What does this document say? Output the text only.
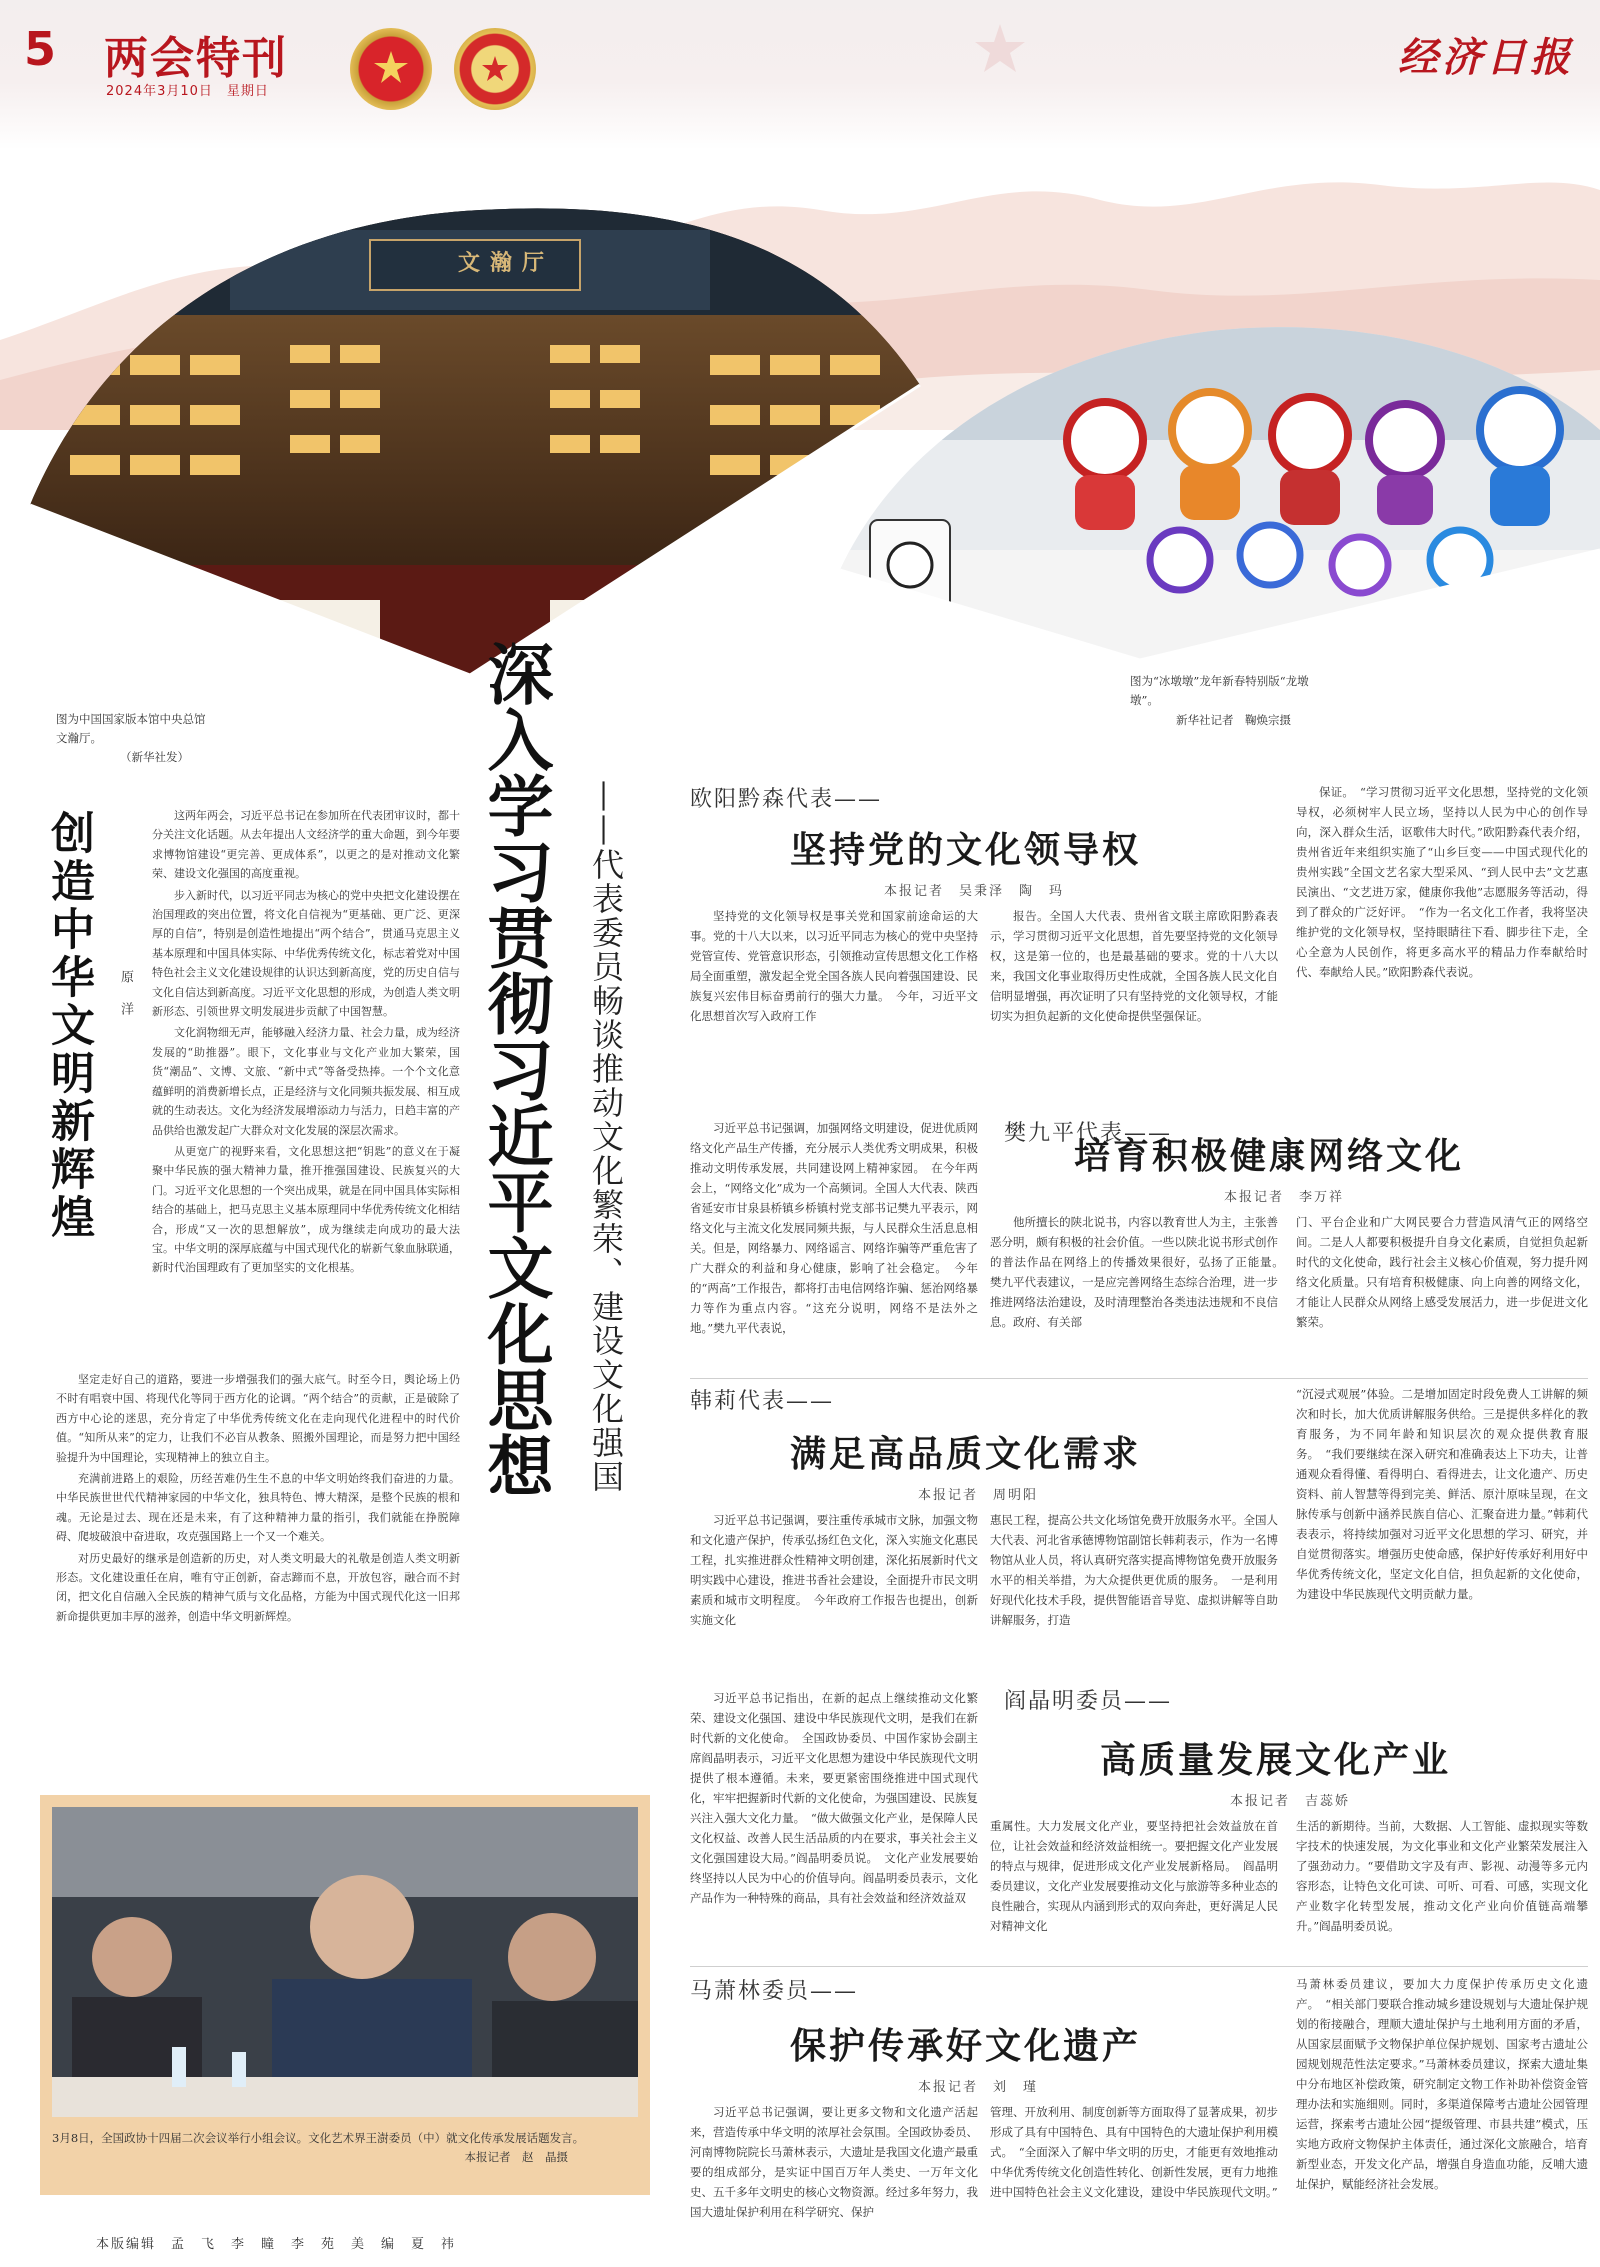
5 两会特刊
2024年3月10日　星期日
经济日报
文瀚厅
图为中国国家版本馆中央总馆文瀚厅。
（新华社发）
图为“冰墩墩”龙年新春特别版“龙墩墩”。
新华社记者　鞠焕宗摄
深入学习贯彻习近平文化思想 ——代表委员畅谈推动文化繁荣、建设文化强国
创造中华文明新辉煌	原　洋

这两年两会，习近平总书记在参加所在代表团审议时，都十分关注文化话题。从去年提出人文经济学的重大命题，到今年要求博物馆建设“更完善、更成体系”，以更之的是对推动文化繁荣、建设文化强国的高度重视。

步入新时代，以习近平同志为核心的党中央把文化建设摆在治国理政的突出位置，将文化自信视为“更基础、更广泛、更深厚的自信”，特别是创造性地提出“两个结合”，贯通马克思主义基本原理和中国具体实际、中华优秀传统文化，标志着党对中国特色社会主义文化建设规律的认识达到新高度，党的历史自信与文化自信达到新高度。习近平文化思想的形成，为创造人类文明新形态、引领世界文明发展进步贡献了中国智慧。

文化润物细无声，能够融入经济力量、社会力量，成为经济发展的“助推器”。眼下，文化事业与文化产业加大繁荣，国货“潮品”、文博、文旅、“新中式”等备受热捧。一个个文化意蕴鲜明的消费新增长点，正是经济与文化同频共振发展、相互成就的生动表达。文化为经济发展增添动力与活力，日趋丰富的产品供给也激发起广大群众对文化发展的深层次需求。

从更宽广的视野来看，文化思想这把“钥匙”的意义在于凝聚中华民族的强大精神力量，推开推强国建设、民族复兴的大门。习近平文化思想的一个突出成果，就是在同中国具体实际相结合的基础上，把马克思主义基本原理同中华优秀传统文化相结合，形成“又一次的思想解放”，成为继续走向成功的最大法宝。中华文明的深厚底蕴与中国式现代化的崭新气象血脉联通，新时代治国理政有了更加坚实的文化根基。

坚定走好自己的道路，要进一步增强我们的强大底气。时至今日，舆论场上仍不时有唱衰中国、将现代化等同于西方化的论调。“两个结合”的贡献，正是破除了西方中心论的迷思，充分肯定了中华优秀传统文化在走向现代化进程中的时代价值。“知所从来”的定力，让我们不必盲从教条、照搬外国理论，而是努力把中国经验提升为中国理论，实现精神上的独立自主。

充满前进路上的艰险，历经苦难仍生生不息的中华文明始终我们奋进的力量。中华民族世世代代精神家园的中华文化，独具特色、博大精深，是整个民族的根和魂。无论是过去、现在还是未来，有了这种精神力量的指引，我们就能在挣脱障碍、爬坡破浪中奋进取，攻克强国路上一个又一个难关。

对历史最好的继承是创造新的历史，对人类文明最大的礼敬是创造人类文明新形态。文化建设重任在肩，唯有守正创新，奋志蹄而不息，开放包容，融合而不封闭，把文化自信融入全民族的精神气质与文化品格，方能为中国式现代化这一旧邦新命提供更加丰厚的滋养，创造中华文明新辉煌。

3月8日，全国政协十四届二次会议举行小组会议。文化艺术界王澍委员（中）就文化传承发展话题发言。
本报记者　赵　晶摄
欧阳黔森代表——
坚持党的文化领导权
本报记者　吴秉泽　陶　玛
坚持党的文化领导权是事关党和国家前途命运的大事。党的十八大以来，以习近平同志为核心的党中央坚持党管宣传、党管意识形态，引领推动宣传思想文化工作格局全面重塑，激发起全党全国各族人民向着强国建设、民族复兴宏伟目标奋勇前行的强大力量。　今年，习近平文化思想首次写入政府工作
报告。全国人大代表、贵州省文联主席欧阳黔森表示，学习贯彻习近平文化思想，首先要坚持党的文化领导权，这是第一位的，也是最基础的要求。党的十八大以来，我国文化事业取得历史性成就，全国各族人民文化自信明显增强，再次证明了只有坚持党的文化领导权，才能切实为担负起新的文化使命提供坚强保证。
保证。　“学习贯彻习近平文化思想，坚持党的文化领导权，必须树牢人民立场，坚持以人民为中心的创作导向，深入群众生活，讴歌伟大时代。”欧阳黔森代表介绍，贵州省近年来组织实施了“山乡巨变——中国式现代化的贵州实践”全国文艺名家大型采风、“到人民中去”文艺惠民演出、“文艺进万家，健康你我他”志愿服务等活动，得到了群众的广泛好评。　“作为一名文化工作者，我将坚决维护党的文化领导权，坚持眼睛往下看、脚步往下走，全心全意为人民创作，将更多高水平的精品力作奉献给时代、奉献给人民。”欧阳黔森代表说。
习近平总书记强调，加强网络文明建设，促进优质网络文化产品生产传播，充分展示人类优秀文明成果，积极推动文明传承发展，共同建设网上精神家园。　在今年两会上，“网络文化”成为一个高频词。全国人大代表、陕西省延安市甘泉县桥镇乡桥镇村党支部书记樊九平表示，网络文化与主流文化发展同频共振，与人民群众生活息息相关。但是，网络暴力、网络谣言、网络诈骗等严重危害了广大群众的利益和身心健康，影响了社会稳定。　今年的“两高”工作报告，都将打击电信网络诈骗、惩治网络暴力等作为重点内容。“这充分说明，网络不是法外之地。”樊九平代表说，
樊九平代表——
培育积极健康网络文化
本报记者　李万祥
他所擅长的陕北说书，内容以教育世人为主，主张善恶分明，颇有积极的社会价值。一些以陕北说书形式创作的普法作品在网络上的传播效果很好，弘扬了正能量。　樊九平代表建议，一是应完善网络生态综合治理，进一步推进网络法治建设，及时清理整治各类违法违规和不良信息。政府、有关部
门、平台企业和广大网民要合力营造风清气正的网络空间。二是人人都要积极提升自身文化素质，自觉担负起新时代的文化使命，践行社会主义核心价值观，努力提升网络文化质量。只有培育积极健康、向上向善的网络文化，才能让人民群众从网络上感受发展活力，进一步促进文化繁荣。
韩莉代表——
满足高品质文化需求
本报记者　周明阳
习近平总书记强调，要注重传承城市文脉，加强文物和文化遗产保护，传承弘扬红色文化，深入实施文化惠民工程，扎实推进群众性精神文明创建，深化拓展新时代文明实践中心建设，推进书香社会建设，全面提升市民文明素质和城市文明程度。　今年政府工作报告也提出，创新实施文化
惠民工程，提高公共文化场馆免费开放服务水平。全国人大代表、河北省承德博物馆副馆长韩莉表示，作为一名博物馆从业人员，将认真研究落实提高博物馆免费开放服务水平的相关举措，为大众提供更优质的服务。　一是利用好现代化技术手段，提供智能语音导览、虚拟讲解等自助讲解服务，打造
“沉浸式观展”体验。二是增加固定时段免费人工讲解的频次和时长，加大优质讲解服务供给。三是提供多样化的教育服务，为不同年龄和知识层次的观众提供教育服务。　“我们要继续在深入研究和准确表达上下功夫，让普通观众看得懂、看得明白、看得进去，让文化遗产、历史资料、前人智慧等得到完美、鲜活、原汁原味呈现，在文脉传承与创新中涵养民族自信心、汇聚奋进力量。”韩莉代表表示，将持续加强对习近平文化思想的学习、研究，并自觉贯彻落实。增强历史使命感，保护好传承好利用好中华优秀传统文化，坚定文化自信，担负起新的文化使命，为建设中华民族现代文明贡献力量。
习近平总书记指出，在新的起点上继续推动文化繁荣、建设文化强国、建设中华民族现代文明，是我们在新时代新的文化使命。　全国政协委员、中国作家协会副主席阎晶明表示，习近平文化思想为建设中华民族现代文明提供了根本遵循。未来，要更紧密围绕推进中国式现代化，牢牢把握新时代新的文化使命，为强国建设、民族复兴注入强大文化力量。　“做大做强文化产业，是保障人民文化权益、改善人民生活品质的内在要求，事关社会主义文化强国建设大局。”阎晶明委员说。　文化产业发展要始终坚持以人民为中心的价值导向。阎晶明委员表示，文化产品作为一种特殊的商品，具有社会效益和经济效益双
阎晶明委员——
高质量发展文化产业
本报记者　吉蕊娇
重属性。大力发展文化产业，要坚持把社会效益放在首位，让社会效益和经济效益相统一。要把握文化产业发展的特点与规律，促进形成文化产业发展新格局。　阎晶明委员建议，文化产业发展要推动文化与旅游等多种业态的良性融合，实现从内涵到形式的双向奔赴，更好满足人民对精神文化
生活的新期待。当前，大数据、人工智能、虚拟现实等数字技术的快速发展，为文化事业和文化产业繁荣发展注入了强劲动力。“要借助文字及有声、影视、动漫等多元内容形态，让特色文化可读、可听、可看、可感，实现文化产业数字化转型发展，推动文化产业向价值链高端攀升。”阎晶明委员说。
马萧林委员——
保护传承好文化遗产
本报记者　刘　瑾
习近平总书记强调，要让更多文物和文化遗产活起来，营造传承中华文明的浓厚社会氛围。全国政协委员、河南博物院院长马萧林表示，大遗址是我国文化遗产最重要的组成部分，是实证中国百万年人类史、一万年文化史、五千多年文明史的核心文物资源。经过多年努力，我国大遗址保护利用在科学研究、保护
管理、开放利用、制度创新等方面取得了显著成果，初步形成了具有中国特色、具有中国特色的大遗址保护利用模式。　“全面深入了解中华文明的历史，才能更有效地推动中华优秀传统文化创造性转化、创新性发展，更有力地推进中国特色社会主义文化建设，建设中华民族现代文明。”
马萧林委员建议，要加大力度保护传承历史文化遗产。　“相关部门要联合推动城乡建设规划与大遗址保护规划的衔接融合，理顺大遗址保护与土地利用方面的矛盾，从国家层面赋予文物保护单位保护规划、国家考古遗址公园规划规范性法定要求。”马萧林委员建议，探索大遗址集中分布地区补偿政策，研究制定文物工作补助补偿资金管理办法和实施细则。同时，多渠道保障考古遗址公园管理运营，探索考古遗址公园“提级管理、市县共建”模式，压实地方政府文物保护主体责任，通过深化文旅融合，培育新型业态，开发文化产品，增强自身造血功能，反哺大遗址保护，赋能经济社会发展。
本版编辑　孟　飞　李　瞳　李　苑　美　编　夏　祎
